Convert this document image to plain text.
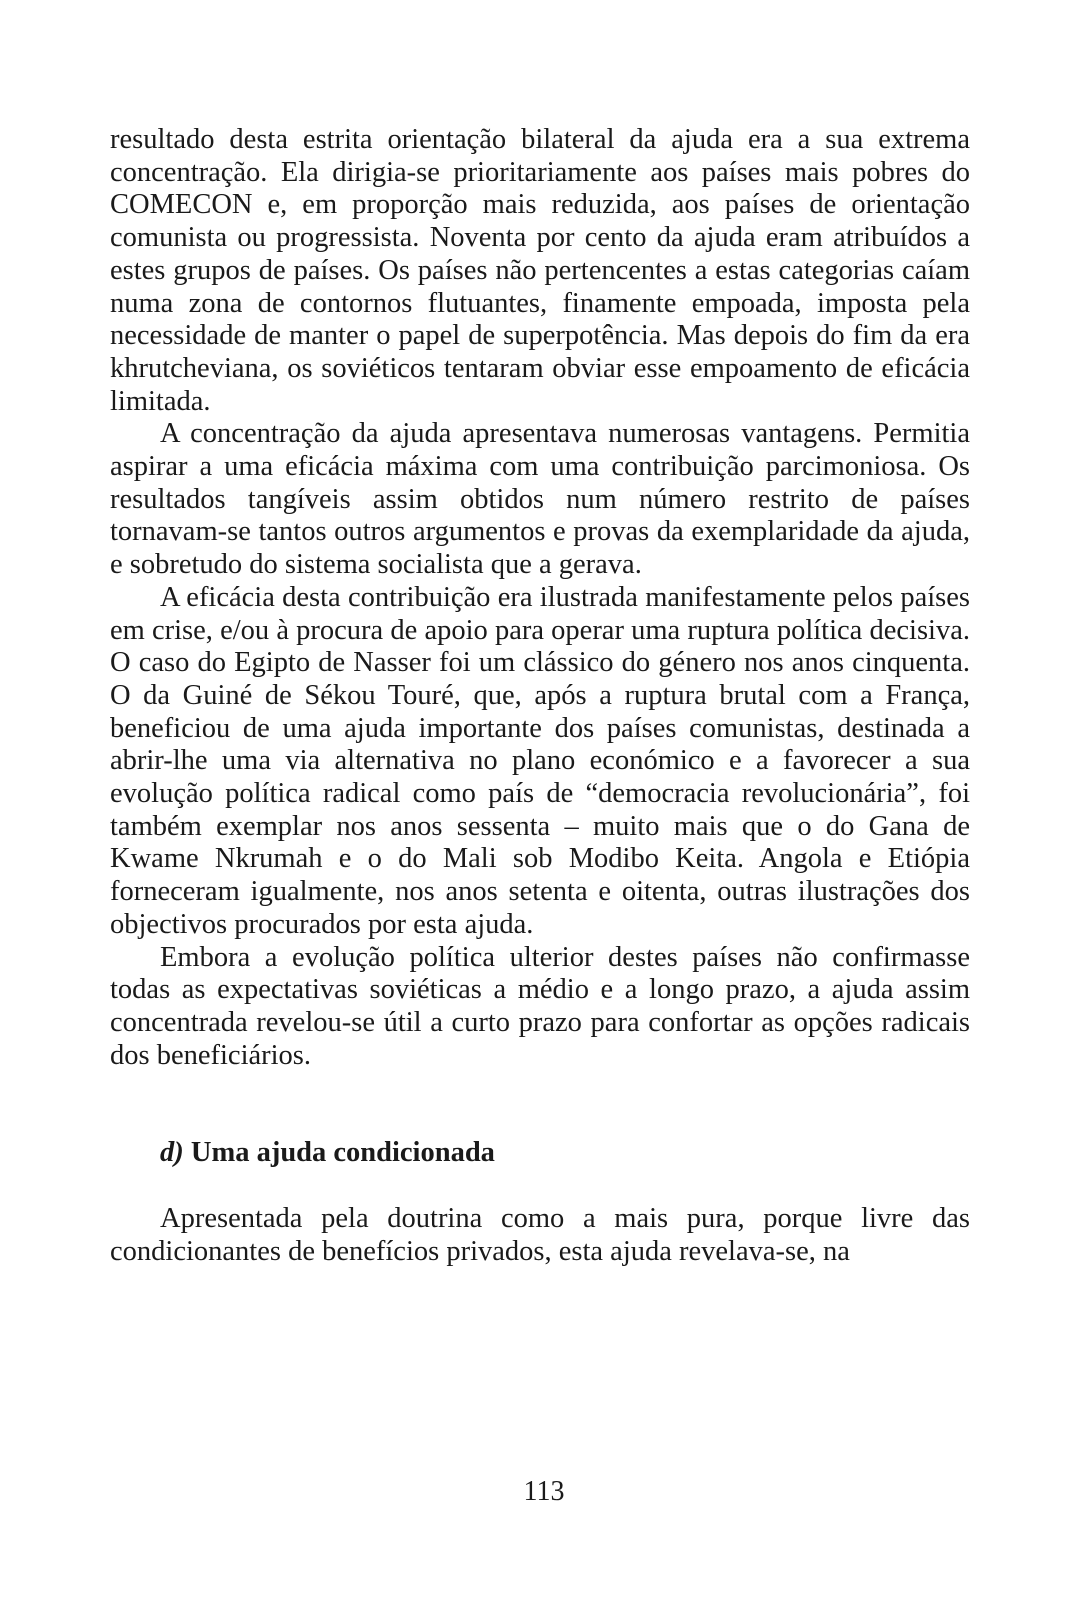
resultado desta estrita orientação bilateral da ajuda era a sua extrema concentração. Ela dirigia-se prioritariamente aos países mais pobres do COMECON e, em proporção mais reduzida, aos países de orientação comunista ou progressista. Noventa por cento da ajuda eram atribuídos a estes grupos de países. Os países não pertencentes a estas categorias caíam numa zona de contornos flutuantes, finamente empoada, imposta pela necessidade de manter o papel de superpotência. Mas depois do fim da era khrutcheviana, os soviéticos tentaram obviar esse empoamento de eficácia limitada.

A concentração da ajuda apresentava numerosas vantagens. Permitia aspirar a uma eficácia máxima com uma contribuição parcimoniosa. Os resultados tangíveis assim obtidos num número restrito de países tornavam-se tantos outros argumentos e provas da exemplaridade da ajuda, e sobretudo do sistema socialista que a gerava.

A eficácia desta contribuição era ilustrada manifestamente pelos países em crise, e/ou à procura de apoio para operar uma ruptura política decisiva. O caso do Egipto de Nasser foi um clássico do género nos anos cinquenta. O da Guiné de Sékou Touré, que, após a ruptura brutal com a França, beneficiou de uma ajuda importante dos países comunistas, destinada a abrir-lhe uma via alternativa no plano económico e a favorecer a sua evolução política radical como país de “democracia revolucionária”, foi também exemplar nos anos sessenta – muito mais que o do Gana de Kwame Nkrumah e o do Mali sob Modibo Keita. Angola e Etiópia forneceram igualmente, nos anos setenta e oitenta, outras ilustrações dos objectivos procurados por esta ajuda.

Embora a evolução política ulterior destes países não confirmasse todas as expectativas soviéticas a médio e a longo prazo, a ajuda assim concentrada revelou-se útil a curto prazo para confortar as opções radicais dos beneficiários.

d) Uma ajuda condicionada

Apresentada pela doutrina como a mais pura, porque livre das condicionantes de benefícios privados, esta ajuda revelava-se, na

113
